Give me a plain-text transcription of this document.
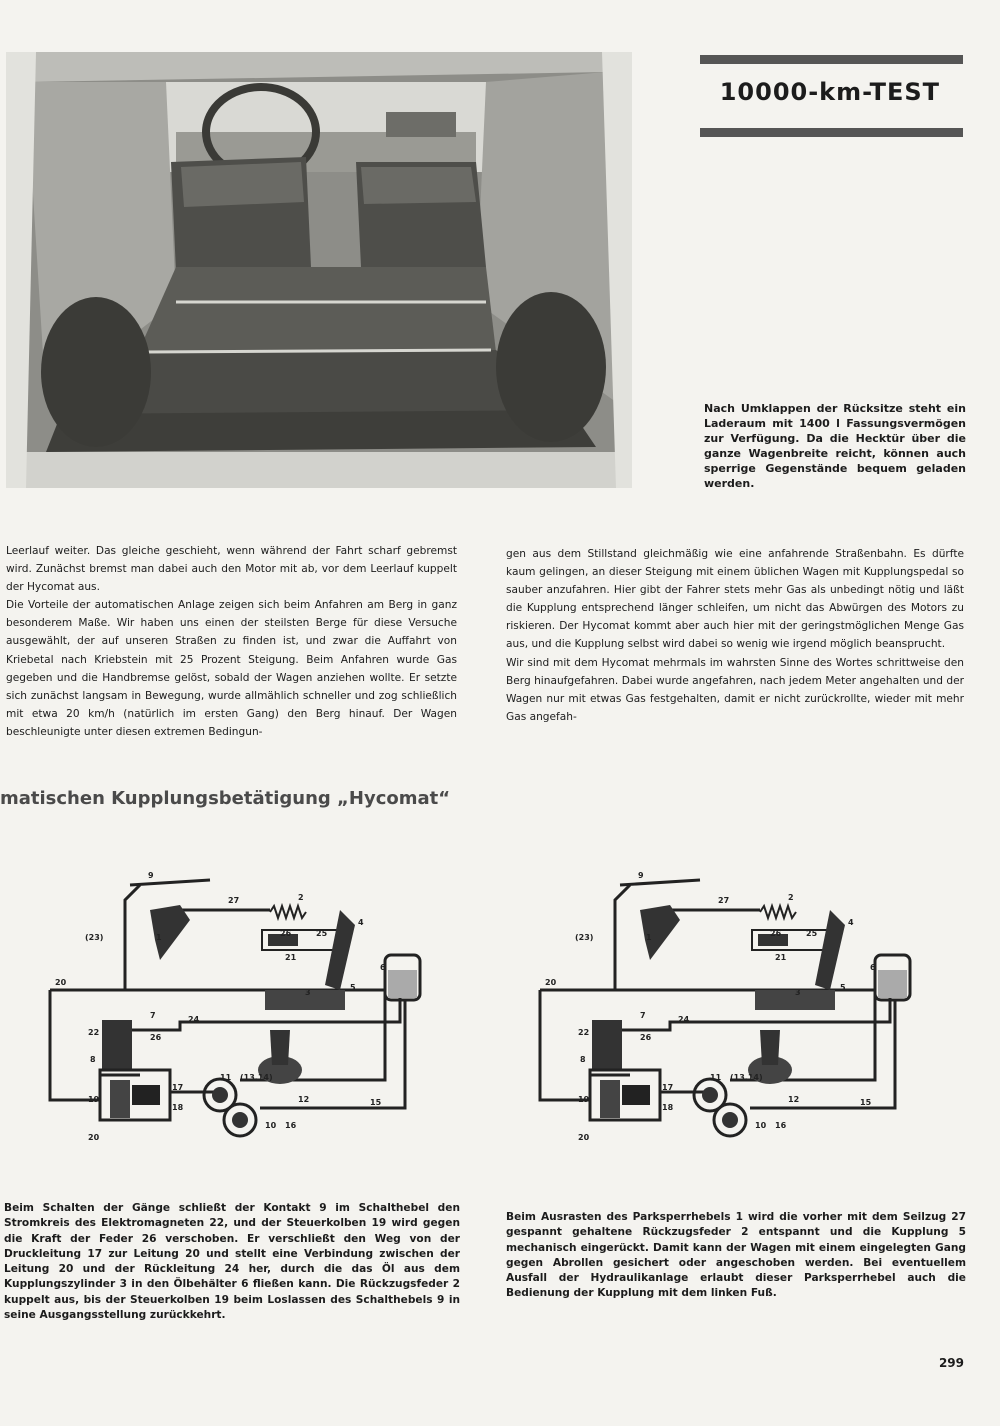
10000-km-TEST
Nach Umklappen der Rücksitze steht ein Laderaum mit 1400 l Fassungsvermögen zur Verfügung. Da die Hecktür über die ganze Wagenbreite reicht, können auch sperrige Gegenstände bequem geladen werden.

Leerlauf weiter. Das gleiche geschieht, wenn während der Fahrt scharf gebremst wird. Zunächst bremst man dabei auch den Motor mit ab, vor dem Leerlauf kuppelt der Hycomat aus.

Die Vorteile der automatischen Anlage zeigen sich beim Anfahren am Berg in ganz besonderem Maße. Wir haben uns einen der steilsten Berge für diese Versuche ausgewählt, der auf unseren Straßen zu finden ist, und zwar die Auffahrt von Kriebetal nach Kriebstein mit 25 Prozent Steigung. Beim Anfahren wurde Gas gegeben und die Handbremse gelöst, sobald der Wagen anziehen wollte. Er setzte sich zunächst langsam in Bewegung, wurde allmählich schneller und zog schließlich mit etwa 20 km/h (natürlich im ersten Gang) den Berg hinauf. Der Wagen beschleunigte unter diesen extremen Bedingun-

gen aus dem Stillstand gleichmäßig wie eine anfahrende Straßenbahn. Es dürfte kaum gelingen, an dieser Steigung mit einem üblichen Wagen mit Kupplungspedal so sauber anzufahren. Hier gibt der Fahrer stets mehr Gas als unbedingt nötig und läßt die Kupplung entsprechend länger schleifen, um nicht das Abwürgen des Motors zu riskieren. Der Hycomat kommt aber auch hier mit der geringstmöglichen Menge Gas aus, und die Kupplung selbst wird dabei so wenig wie irgend möglich beansprucht.

Wir sind mit dem Hycomat mehrmals im wahrsten Sinne des Wortes schrittweise den Berg hinaufgefahren. Dabei wurde angefahren, nach jedem Meter angehalten und der Wagen nur mit etwas Gas festgehalten, damit er nicht zurückrollte, wieder mit mehr Gas angefah-

matischen Kupplungsbetätigung „Hycomat“
9
27	2
4
26	25
21
1
(23)
6
5
3
20
7	24
22
26
8
19
20
17
18
11 (13,14)
12
10 16
15
9
27	2
4
26	25
21
1
(23)
6
5
3
20
7	24
22
26
8
19
20
17
18
11 (13,14)
12
10 16
15
Beim Schalten der Gänge schließt der Kontakt 9 im Schalthebel den Stromkreis des Elektromagneten 22, und der Steuerkolben 19 wird gegen die Kraft der Feder 26 verschoben. Er verschließt den Weg von der Druckleitung 17 zur Leitung 20 und stellt eine Verbindung zwischen der Leitung 20 und der Rückleitung 24 her, durch die das Öl aus dem Kupplungszylinder 3 in den Ölbehälter 6 fließen kann. Die Rückzugsfeder 2 kuppelt aus, bis der Steuerkolben 19 beim Loslassen des Schalthebels 9 in seine Ausgangsstellung zurückkehrt.
Beim Ausrasten des Parksperrhebels 1 wird die vorher mit dem Seilzug 27 gespannt gehaltene Rückzugsfeder 2 entspannt und die Kupplung 5 mechanisch eingerückt. Damit kann der Wagen mit einem eingelegten Gang gegen Abrollen gesichert oder angeschoben werden. Bei eventuellem Ausfall der Hydraulikanlage erlaubt dieser Parksperrhebel auch die Bedienung der Kupplung mit dem linken Fuß.
299
